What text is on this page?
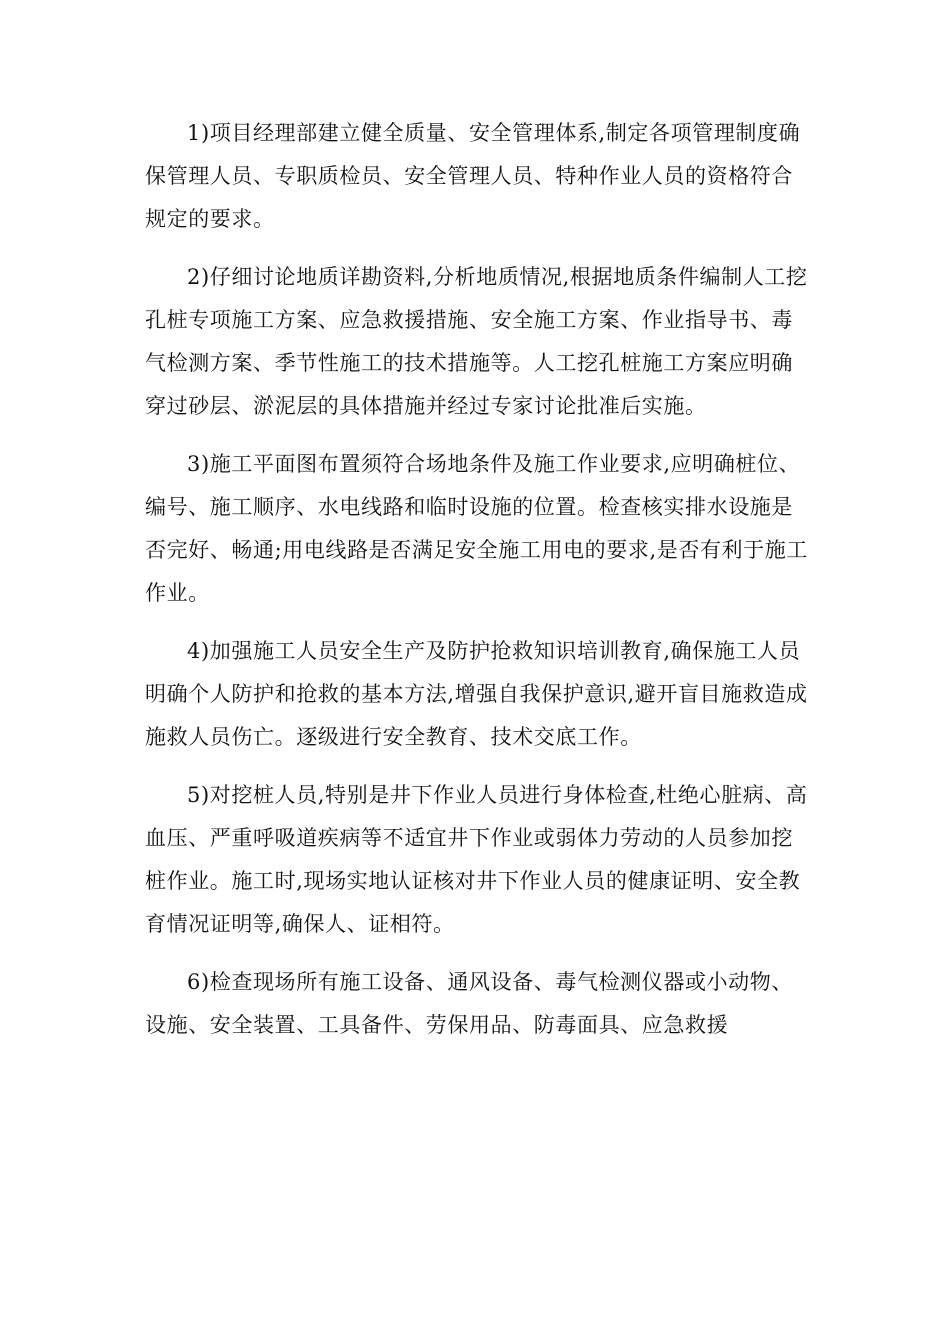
1)项目经理部建立健全质量、安全管理体系,制定各项管理制度确保管理人员、专职质检员、安全管理人员、特种作业人员的资格符合规定的要求。

2)仔细讨论地质详勘资料,分析地质情况,根据地质条件编制人工挖孔桩专项施工方案、应急救援措施、安全施工方案、作业指导书、毒气检测方案、季节性施工的技术措施等。人工挖孔桩施工方案应明确穿过砂层、淤泥层的具体措施并经过专家讨论批准后实施。

3)施工平面图布置须符合场地条件及施工作业要求,应明确桩位、编号、施工顺序、水电线路和临时设施的位置。检查核实排水设施是否完好、畅通;用电线路是否满足安全施工用电的要求,是否有利于施工作业。

4)加强施工人员安全生产及防护抢救知识培训教育,确保施工人员明确个人防护和抢救的基本方法,增强自我保护意识,避开盲目施救造成施救人员伤亡。逐级进行安全教育、技术交底工作。

5)对挖桩人员,特别是井下作业人员进行身体检查,杜绝心脏病、高血压、严重呼吸道疾病等不适宜井下作业或弱体力劳动的人员参加挖桩作业。施工时,现场实地认证核对井下作业人员的健康证明、安全教育情况证明等,确保人、证相符。

6)检查现场所有施工设备、通风设备、毒气检测仪器或小动物、设施、安全装置、工具备件、劳保用品、防毒面具、应急救援
